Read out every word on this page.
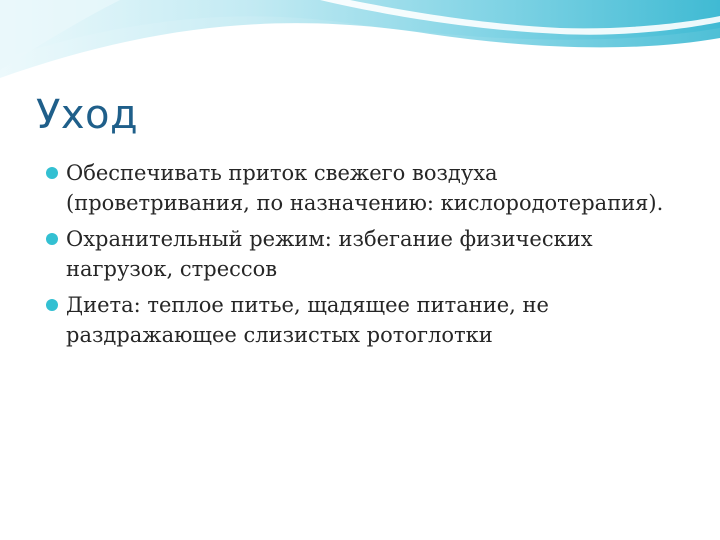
Уход
Обеспечивать приток свежего воздуха (проветривания, по назначению: кислородотерапия).
Охранительный режим: избегание физических нагрузок, стрессов
Диета: теплое питье, щадящее питание, не раздражающее слизистых ротоглотки
